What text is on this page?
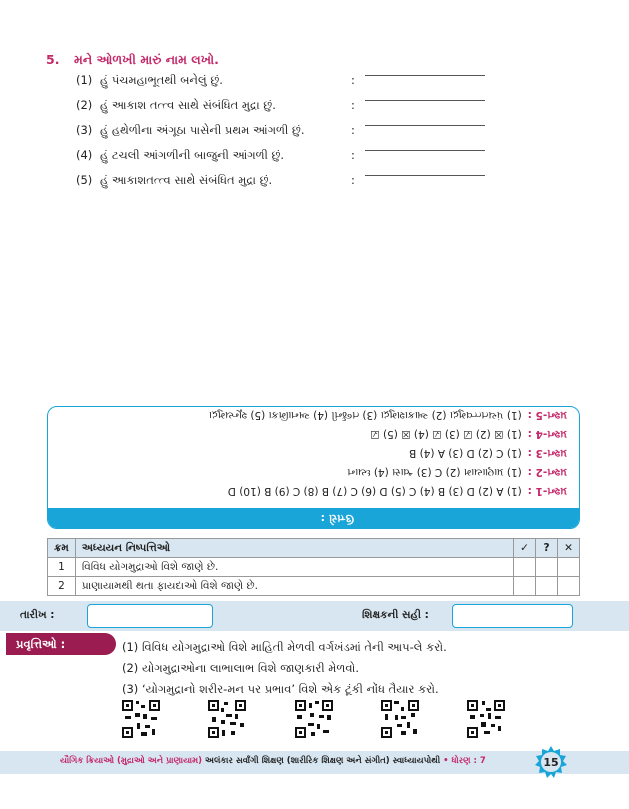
5. મને ઓળખી મારું નામ લખો.
(1) હું પંચમહાભૂતથી બનેલું છું.	:
(2) હું આકાશ તત્ત્વ સાથે સંબંધિત મુદ્રા છું.	:
(3) હું હથેળીના અંગૂઠા પાસેની પ્રથમ આંગળી છું.	:
(4) હું ટચલી આંગળીની બાજુની આંગળી છું.	:
(5) હું આકાશતત્ત્વ સાથે સંબંધિત મુદ્રા છું.	:
ઉત્તરો :
પ્રશ્ન-1 :(1) A (2) D (3) B (4) C (5) D (6) C (7) B (8) C (9) B (10) D
પ્રશ્ન-2 :(1) પ્રાણાયામ (2) C (3) શ્વાસ (4) ધ્યાન
પ્રશ્ન-3 :(1) C (2) D (3) A (4) B
પ્રશ્ન-4 :(1) ☒ (2) ☑ (3) ☑ (4) ☒ (5) ☑
પ્રશ્ન-5 :(1) પંચતત્ત્વમુદ્રા (2) આકાશમુદ્રા (3) તર્જની (4) અનામિકા (5) શૂન્યમુદ્રા
ક્રમ	અધ્યયન નિષ્પત્તિઓ	✓	?	✕
1	વિવિધ યોગમુદ્રાઓ વિશે જાણે છે.			
2	પ્રાણાયામથી થતા ફાયદાઓ વિશે જાણે છે.			
તારીખ :	શિક્ષકની સહી :
પ્રવૃત્તિઓ :	(1) વિવિધ યોગમુદ્રાઓ વિશે માહિતી મેળવી વર્ગખંડમાં તેની આપ-લે કરો.
(2) યોગમુદ્રાઓના લાભાલાભ વિશે જાણકારી મેળવો.
(3) ‘યોગમુદ્રાનો શરીર-મન પર પ્રભાવ’ વિશે એક ટૂંકી નોંધ તૈયાર કરો.
યૌગિક ક્રિયાઓ (મુદ્રાઓ અને પ્રાણાયામ) અલંકાર સર્વાંગી શિક્ષણ (શારીરિક શિક્ષણ અને સંગીત) સ્વાધ્યાયપોથી • ધોરણ : 7	15
